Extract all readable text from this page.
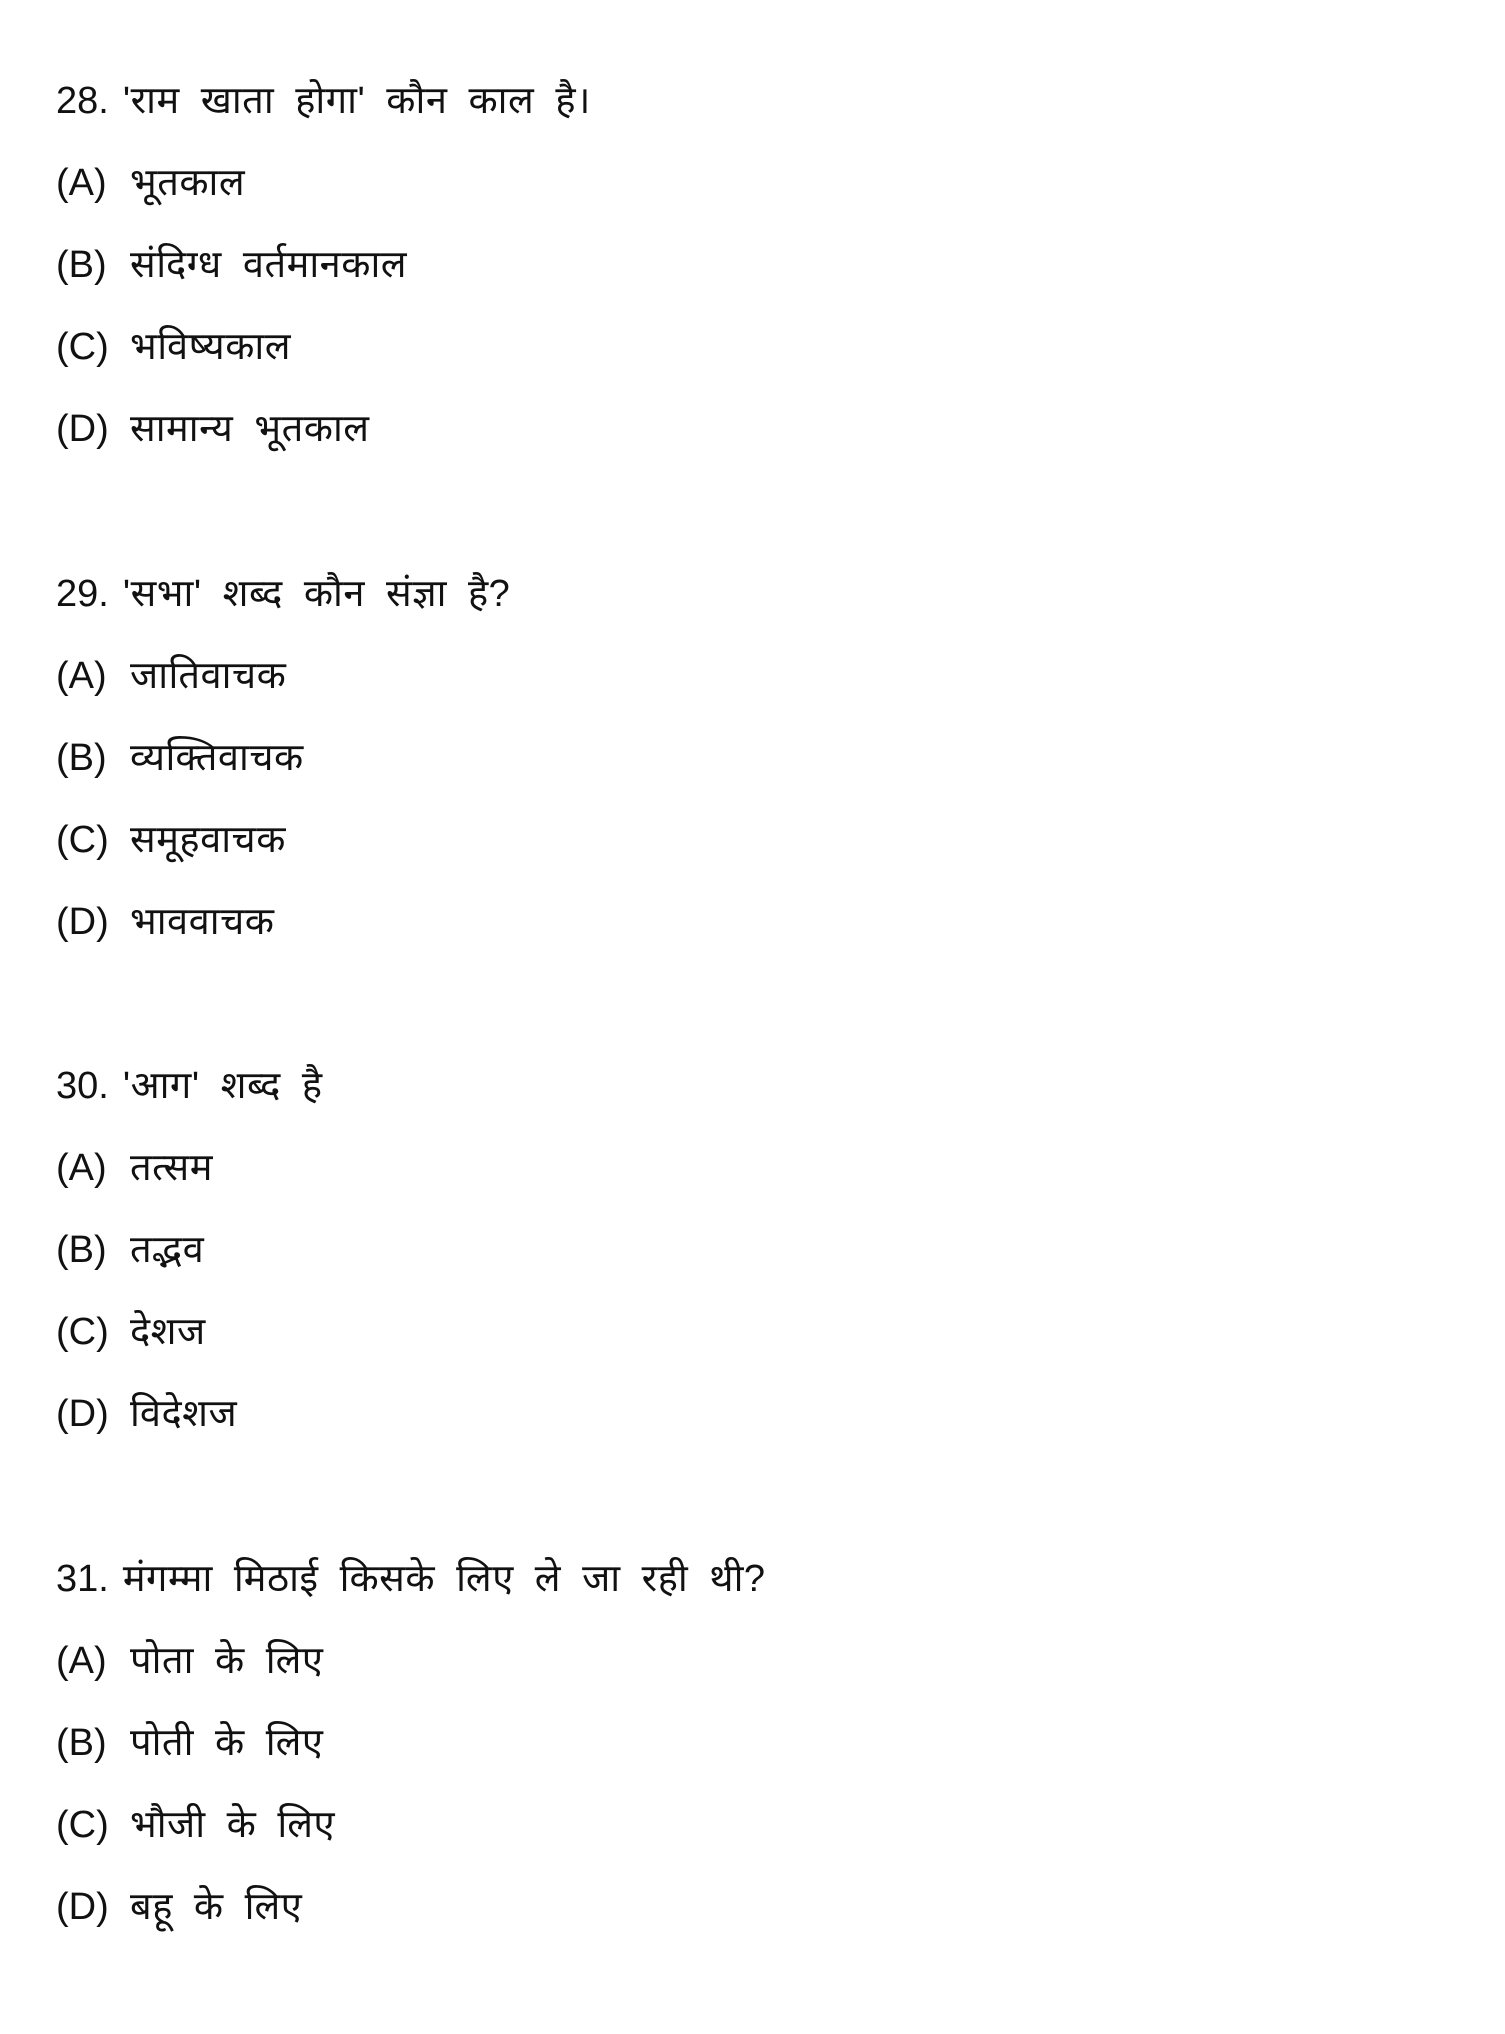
28. 'राम खाता होगा' कौन काल है।
(A) भूतकाल
(B) संदिग्ध वर्तमानकाल
(C) भविष्यकाल
(D) सामान्य भूतकाल
29. 'सभा' शब्द कौन संज्ञा है?
(A) जातिवाचक
(B) व्यक्तिवाचक
(C) समूहवाचक
(D) भाववाचक
30. 'आग' शब्द है
(A) तत्सम
(B) तद्भव
(C) देशज
(D) विदेशज
31. मंगम्मा मिठाई किसके लिए ले जा रही थी?
(A) पोता के लिए
(B) पोती के लिए
(C) भौजी के लिए
(D) बहू के लिए
